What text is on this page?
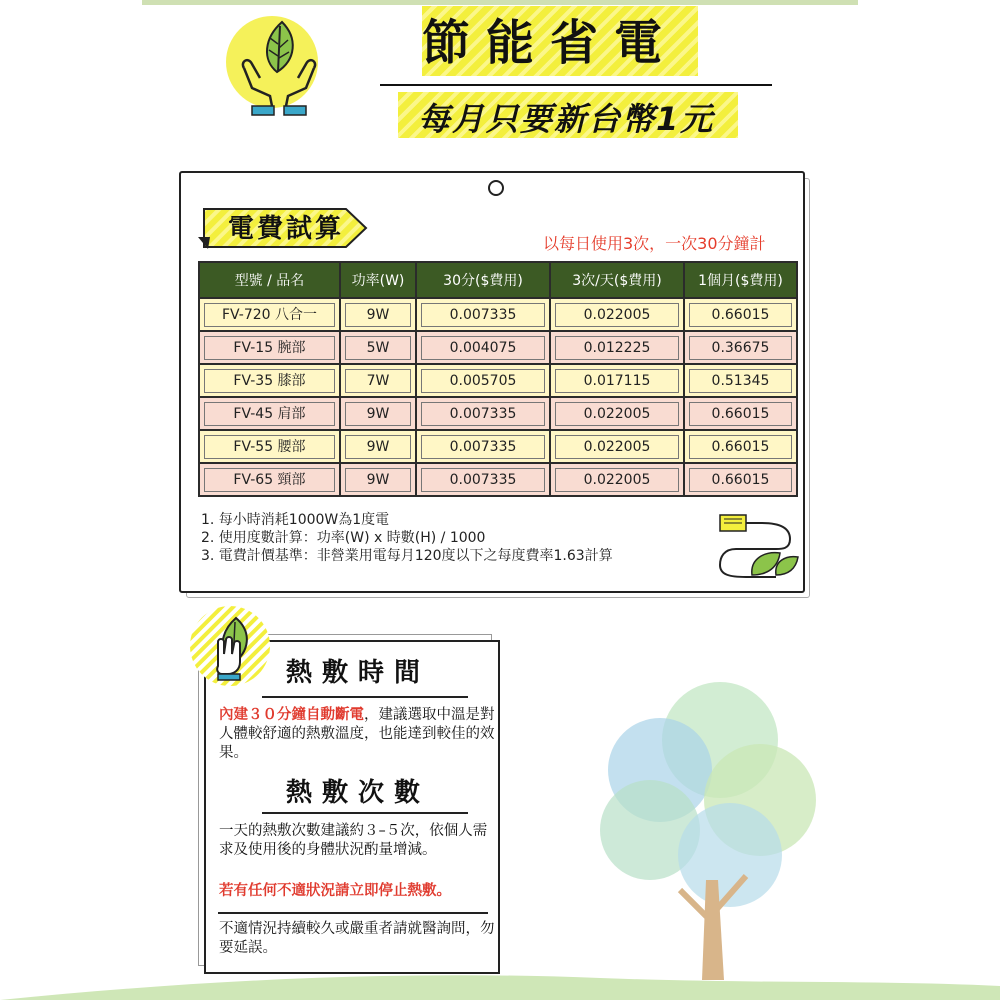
節能省電
每月只要新台幣1元
電費試算	以每日使用3次，一次30分鐘計
型號 / 品名	功率(W)	30分($費用)	3次/天($費用)	1個月($費用)

FV-720 八合一	9W	0.007335	0.022005	0.66015

FV-15 腕部	5W	0.004075	0.012225	0.36675

FV-35 膝部	7W	0.005705	0.017115	0.51345

FV-45 肩部	9W	0.007335	0.022005	0.66015

FV-55 腰部	9W	0.007335	0.022005	0.66015

FV-65 頸部	9W	0.007335	0.022005	0.66015
1. 每小時消耗1000W為1度電
2. 使用度數計算：功率(W) x 時數(H) / 1000
3. 電費計價基準：非營業用電每月120度以下之每度費率1.63計算
熱敷時間
內建３０分鐘自動斷電，建議選取中溫是對人體較舒適的熱敷溫度，也能達到較佳的效果。
熱敷次數
一天的熱敷次數建議約３–５次，依個人需求及使用後的身體狀況酌量增減。
若有任何不適狀況請立即停止熱敷。
不適情況持續較久或嚴重者請就醫詢問，勿要延誤。
